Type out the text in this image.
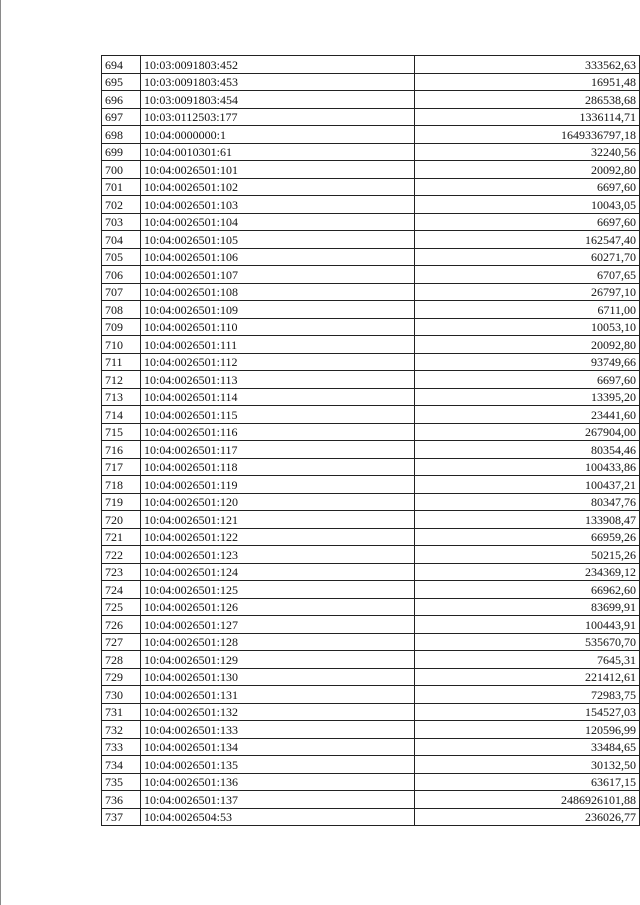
694	10:03:0091803:452	333562,63
695	10:03:0091803:453	16951,48
696	10:03:0091803:454	286538,68
697	10:03:0112503:177	1336114,71
698	10:04:0000000:1	1649336797,18
699	10:04:0010301:61	32240,56
700	10:04:0026501:101	20092,80
701	10:04:0026501:102	6697,60
702	10:04:0026501:103	10043,05
703	10:04:0026501:104	6697,60
704	10:04:0026501:105	162547,40
705	10:04:0026501:106	60271,70
706	10:04:0026501:107	6707,65
707	10:04:0026501:108	26797,10
708	10:04:0026501:109	6711,00
709	10:04:0026501:110	10053,10
710	10:04:0026501:111	20092,80
711	10:04:0026501:112	93749,66
712	10:04:0026501:113	6697,60
713	10:04:0026501:114	13395,20
714	10:04:0026501:115	23441,60
715	10:04:0026501:116	267904,00
716	10:04:0026501:117	80354,46
717	10:04:0026501:118	100433,86
718	10:04:0026501:119	100437,21
719	10:04:0026501:120	80347,76
720	10:04:0026501:121	133908,47
721	10:04:0026501:122	66959,26
722	10:04:0026501:123	50215,26
723	10:04:0026501:124	234369,12
724	10:04:0026501:125	66962,60
725	10:04:0026501:126	83699,91
726	10:04:0026501:127	100443,91
727	10:04:0026501:128	535670,70
728	10:04:0026501:129	7645,31
729	10:04:0026501:130	221412,61
730	10:04:0026501:131	72983,75
731	10:04:0026501:132	154527,03
732	10:04:0026501:133	120596,99
733	10:04:0026501:134	33484,65
734	10:04:0026501:135	30132,50
735	10:04:0026501:136	63617,15
736	10:04:0026501:137	2486926101,88
737	10:04:0026504:53	236026,77
